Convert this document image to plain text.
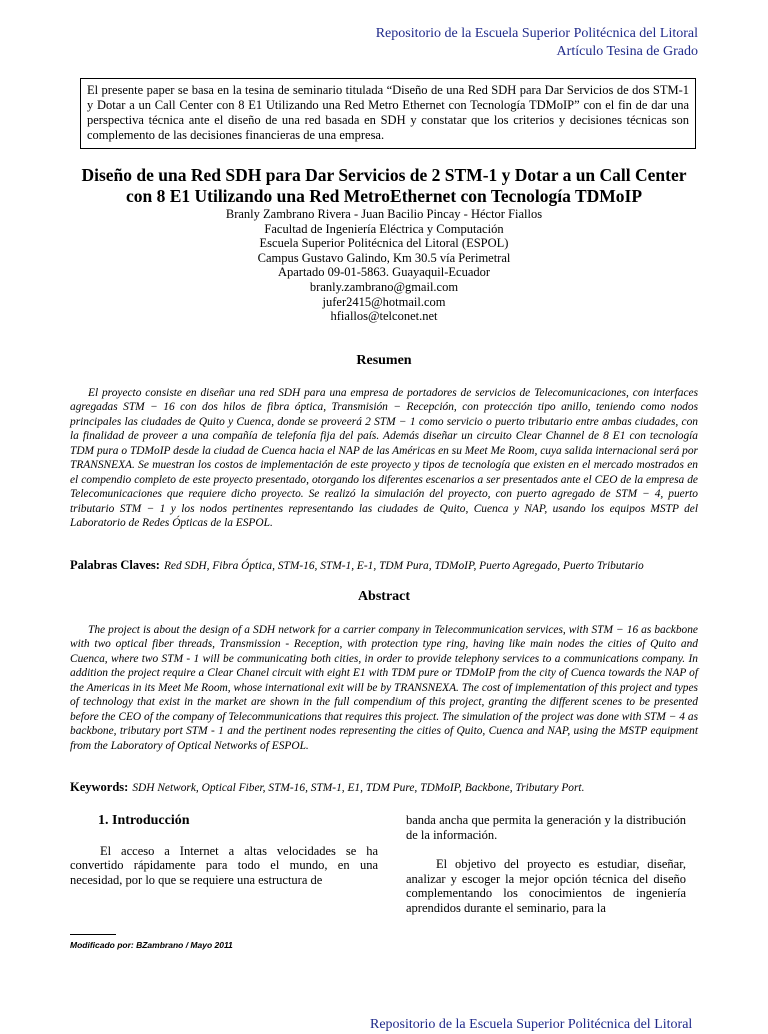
Repositorio de la Escuela Superior Politécnica del Litoral
Artículo Tesina de Grado
El presente paper se basa en la tesina de seminario titulada “Diseño de una Red SDH para Dar Servicios de dos STM-1 y Dotar a un Call Center con 8 E1 Utilizando una Red Metro Ethernet con Tecnología TDMoIP” con el fin de dar una perspectiva técnica ante el diseño de una red basada en SDH y constatar que los criterios y decisiones técnicas son complemento de las decisiones financieras de una empresa.
Diseño de una Red SDH para Dar Servicios de 2 STM-1 y Dotar a un Call Center
con 8 E1 Utilizando una Red MetroEthernet con Tecnología TDMoIP
Branly Zambrano Rivera - Juan Bacilio Pincay - Héctor Fiallos
Facultad de Ingeniería Eléctrica y Computación
Escuela Superior Politécnica del Litoral (ESPOL)
Campus Gustavo Galindo, Km 30.5 vía Perimetral
Apartado 09-01-5863. Guayaquil-Ecuador
branly.zambrano@gmail.com
jufer2415@hotmail.com
hfiallos@telconet.net
Resumen
El proyecto consiste en diseñar una red SDH para una empresa de portadores de servicios de Telecomunicaciones, con interfaces agregadas STM − 16 con dos hilos de fibra óptica, Transmisión − Recepción, con protección tipo anillo, teniendo como nodos principales las ciudades de Quito y Cuenca, donde se proveerá 2 STM − 1 como servicio o puerto tributario entre ambas ciudades, con la finalidad de proveer a una compañía de telefonía fija del país. Además diseñar un circuito Clear Channel de 8 E1 con tecnología TDM pura o TDMoIP desde la ciudad de Cuenca hacia el NAP de las Américas en su Meet Me Room, cuya salida internacional será por TRANSNEXA. Se muestran los costos de implementación de este proyecto y tipos de tecnología que existen en el mercado mostrados en el compendio completo de este proyecto presentado, otorgando los diferentes escenarios a ser presentados ante el CEO de la empresa de Telecomunicaciones que requiere dicho proyecto. Se realizó la simulación del proyecto, con puerto agregado de STM − 4, puerto tributario STM − 1 y los nodos pertinentes representando las ciudades de Quito, Cuenca y NAP, usando los equipos MSTP del Laboratorio de Redes Ópticas de la ESPOL.
Palabras Claves: Red SDH, Fibra Óptica, STM-16, STM-1, E-1, TDM Pura, TDMoIP, Puerto Agregado, Puerto Tributario
Abstract
The project is about the design of a SDH network for a carrier company in Telecommunication services, with STM − 16 as backbone with two optical fiber threads, Transmission - Reception, with protection type ring, having like main nodes the cities of Quito and Cuenca, where two STM - 1 will be communicating both cities, in order to provide telephony services to a communications company. In addition the project require a Clear Chanel circuit with eight E1 with TDM pure or TDMoIP from the city of Cuenca towards the NAP of the Americas in its Meet Me Room, whose international exit will be by TRANSNEXA. The cost of implementation of this project and types of technology that exist in the market are shown in the full compendium of this project, granting the different scenes to be presented before the CEO of the company of Telecommunications that requires this project. The simulation of the project was done with STM − 4 as backbone, tributary port STM - 1 and the pertinent nodes representing the cities of Quito, Cuenca and NAP, using the MSTP equipment from the Laboratory of Optical Networks of ESPOL.
Keywords: SDH Network, Optical Fiber, STM-16, STM-1, E1, TDM Pure, TDMoIP, Backbone, Tributary Port.
1. Introducción

El acceso a Internet a altas velocidades se ha convertido rápidamente para todo el mundo, en una necesidad, por lo que se requiere una estructura de

banda ancha que permita la generación y la distribución de la información.

El objetivo del proyecto es estudiar, diseñar, analizar y escoger la mejor opción técnica del diseño complementando los conocimientos de ingeniería aprendidos durante el seminario, para la

Modificado por: BZambrano / Mayo 2011
Repositorio de la Escuela Superior Politécnica del Litoral
